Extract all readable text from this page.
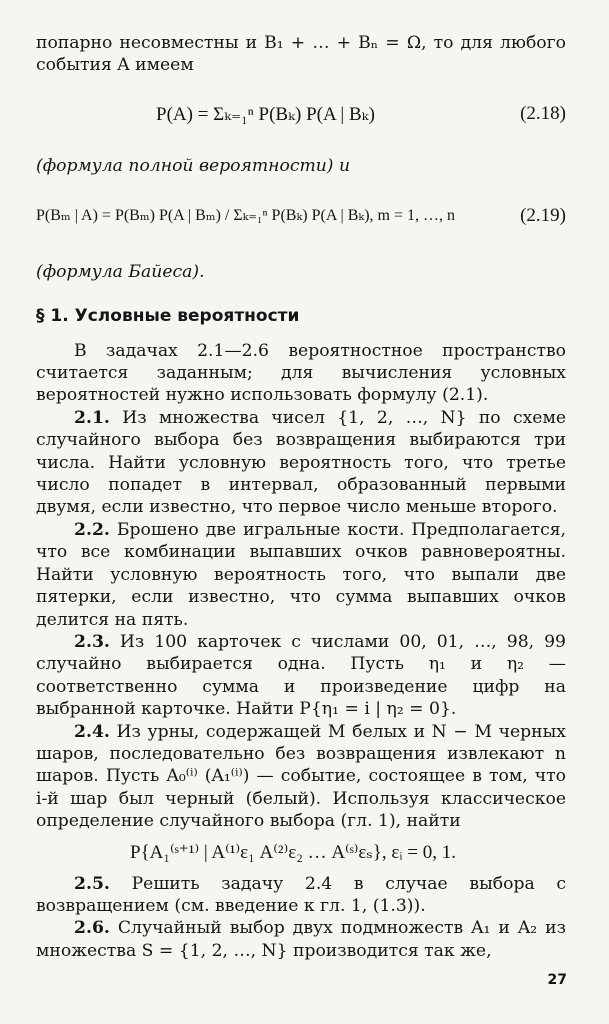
попарно несовместны и B₁ + … + Bₙ = Ω, то для любого события A имеем

P(A) = Σₖ₌₁ⁿ P(Bₖ) P(A | Bₖ)	(2.18)

(формула полной вероятности) и

P(Bₘ | A) = P(Bₘ) P(A | Bₘ) / Σₖ₌₁ⁿ P(Bₖ) P(A | Bₖ), m = 1, …, n	(2.19)

(формула Байеса).

§ 1. Условные вероятности

В задачах 2.1—2.6 вероятностное пространство считается заданным; для вычисления условных вероятностей нужно использовать формулу (2.1).

2.1. Из множества чисел {1, 2, …, N} по схеме случайного выбора без возвращения выбираются три числа. Найти условную вероятность того, что третье число попадет в интервал, образованный первыми двумя, если известно, что первое число меньше второго.

2.2. Брошено две игральные кости. Предполагается, что все комбинации выпавших очков равновероятны. Найти условную вероятность того, что выпали две пятерки, если известно, что сумма выпавших очков делится на пять.

2.3. Из 100 карточек с числами 00, 01, …, 98, 99 случайно выбирается одна. Пусть η₁ и η₂ — соответственно сумма и произведение цифр на выбранной карточке. Найти P{η₁ = i | η₂ = 0}.

2.4. Из урны, содержащей M белых и N − M черных шаров, последовательно без возвращения извлекают n шаров. Пусть A₀⁽ⁱ⁾ (A₁⁽ⁱ⁾) — событие, состоящее в том, что i-й шар был черный (белый). Используя классическое определение случайного выбора (гл. 1), найти

P{A₁⁽ˢ⁺¹⁾ | A⁽¹⁾ε₁ A⁽²⁾ε₂ … A⁽ˢ⁾εₛ}, εᵢ = 0, 1.

2.5. Решить задачу 2.4 в случае выбора с возвращением (см. введение к гл. 1, (1.3)).

2.6. Случайный выбор двух подмножеств A₁ и A₂ из множества S = {1, 2, …, N} производится так же,

27
